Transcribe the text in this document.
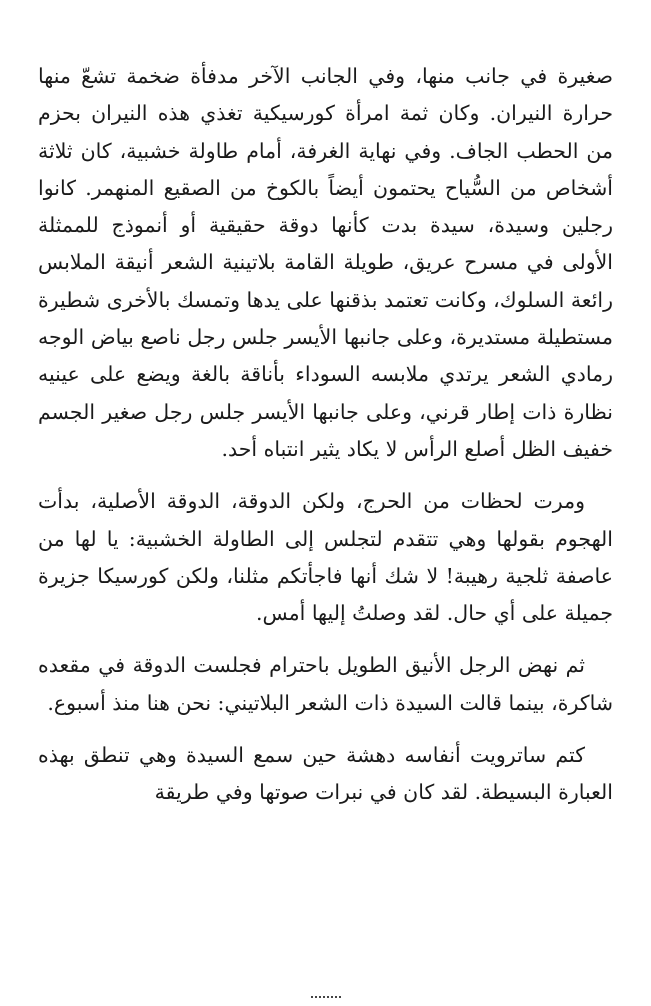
صغيرة في جانب منها، وفي الجانب الآخر مدفأة ضخمة تشعّ منها حرارة النيران. وكان ثمة امرأة كورسيكية تغذي هذه النيران بحزم من الحطب الجاف. وفي نهاية الغرفة، أمام طاولة خشبية، كان ثلاثة أشخاص من السُّياح يحتمون أيضاً بالكوخ من الصقيع المنهمر. كانوا رجلين وسيدة، سيدة بدت كأنها دوقة حقيقية أو أنموذج للممثلة الأولى في مسرح عريق، طويلة القامة بلاتينية الشعر أنيقة الملابس رائعة السلوك، وكانت تعتمد بذقنها على يدها وتمسك بالأخرى شطيرة مستطيلة مستديرة، وعلى جانبها الأيسر جلس رجل ناصع بياض الوجه رمادي الشعر يرتدي ملابسه السوداء بأناقة بالغة ويضع على عينيه نظارة ذات إطار قرني، وعلى جانبها الأيسر جلس رجل صغير الجسم خفيف الظل أصلع الرأس لا يكاد يثير انتباه أحد.

ومرت لحظات من الحرج، ولكن الدوقة، الدوقة الأصلية، بدأت الهجوم بقولها وهي تتقدم لتجلس إلى الطاولة الخشبية: يا لها من عاصفة ثلجية رهيبة! لا شك أنها فاجأتكم مثلنا، ولكن كورسيكا جزيرة جميلة على أي حال. لقد وصلتُ إليها أمس.

ثم نهض الرجل الأنيق الطويل باحترام فجلست الدوقة في مقعده شاكرة، بينما قالت السيدة ذات الشعر البلاتيني: نحن هنا منذ أسبوع.

كتم ساترويت أنفاسه دهشة حين سمع السيدة وهي تنطق بهذه العبارة البسيطة. لقد كان في نبرات صوتها وفي طريقة
